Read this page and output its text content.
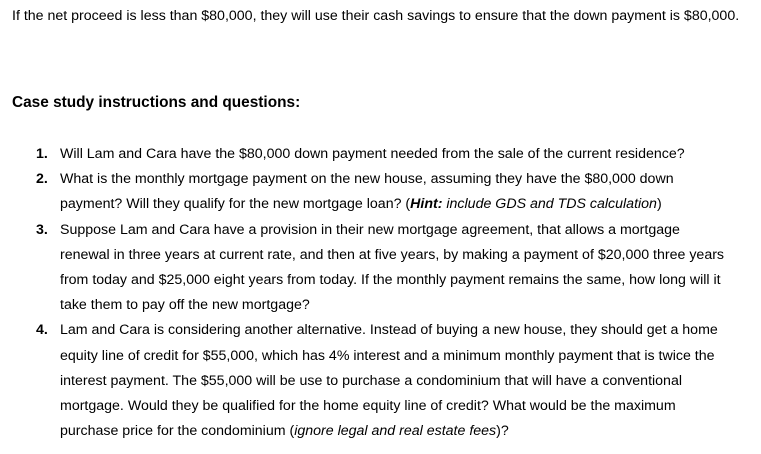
If the net proceed is less than $80,000, they will use their cash savings to ensure that the down payment is $80,000.

Case study instructions and questions:
1. Will Lam and Cara have the $80,000 down payment needed from the sale of the current residence?
2. What is the monthly mortgage payment on the new house, assuming they have the $80,000 down payment? Will they qualify for the new mortgage loan? (Hint: include GDS and TDS calculation)
3. Suppose Lam and Cara have a provision in their new mortgage agreement, that allows a mortgage renewal in three years at current rate, and then at five years, by making a payment of $20,000 three years from today and $25,000 eight years from today. If the monthly payment remains the same, how long will it take them to pay off the new mortgage?
4. Lam and Cara is considering another alternative. Instead of buying a new house, they should get a home equity line of credit for $55,000, which has 4% interest and a minimum monthly payment that is twice the interest payment. The $55,000 will be use to purchase a condominium that will have a conventional mortgage. Would they be qualified for the home equity line of credit? What would be the maximum purchase price for the condominium (ignore legal and real estate fees)?
